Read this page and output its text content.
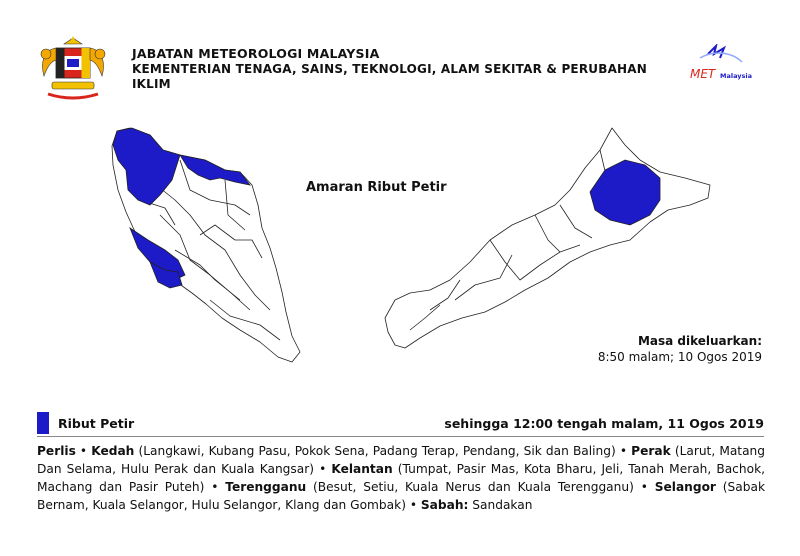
JABATAN METEOROLOGI MALAYSIA
KEMENTERIAN TENAGA, SAINS, TEKNOLOGI, ALAM SEKITAR & PERUBAHAN
IKLIM
MET Malaysia
Amaran Ribut Petir
Masa dikeluarkan:
8:50 malam; 10 Ogos 2019
Ribut Petir	sehingga 12:00 tengah malam, 11 Ogos 2019
Perlis • Kedah (Langkawi, Kubang Pasu, Pokok Sena, Padang Terap, Pendang, Sik dan Baling) • Perak (Larut, Matang Dan Selama, Hulu Perak dan Kuala Kangsar) • Kelantan (Tumpat, Pasir Mas, Kota Bharu, Jeli, Tanah Merah, Bachok, Machang dan Pasir Puteh) • Terengganu (Besut, Setiu, Kuala Nerus dan Kuala Terengganu) • Selangor (Sabak Bernam, Kuala Selangor, Hulu Selangor, Klang dan Gombak) • Sabah: Sandakan
